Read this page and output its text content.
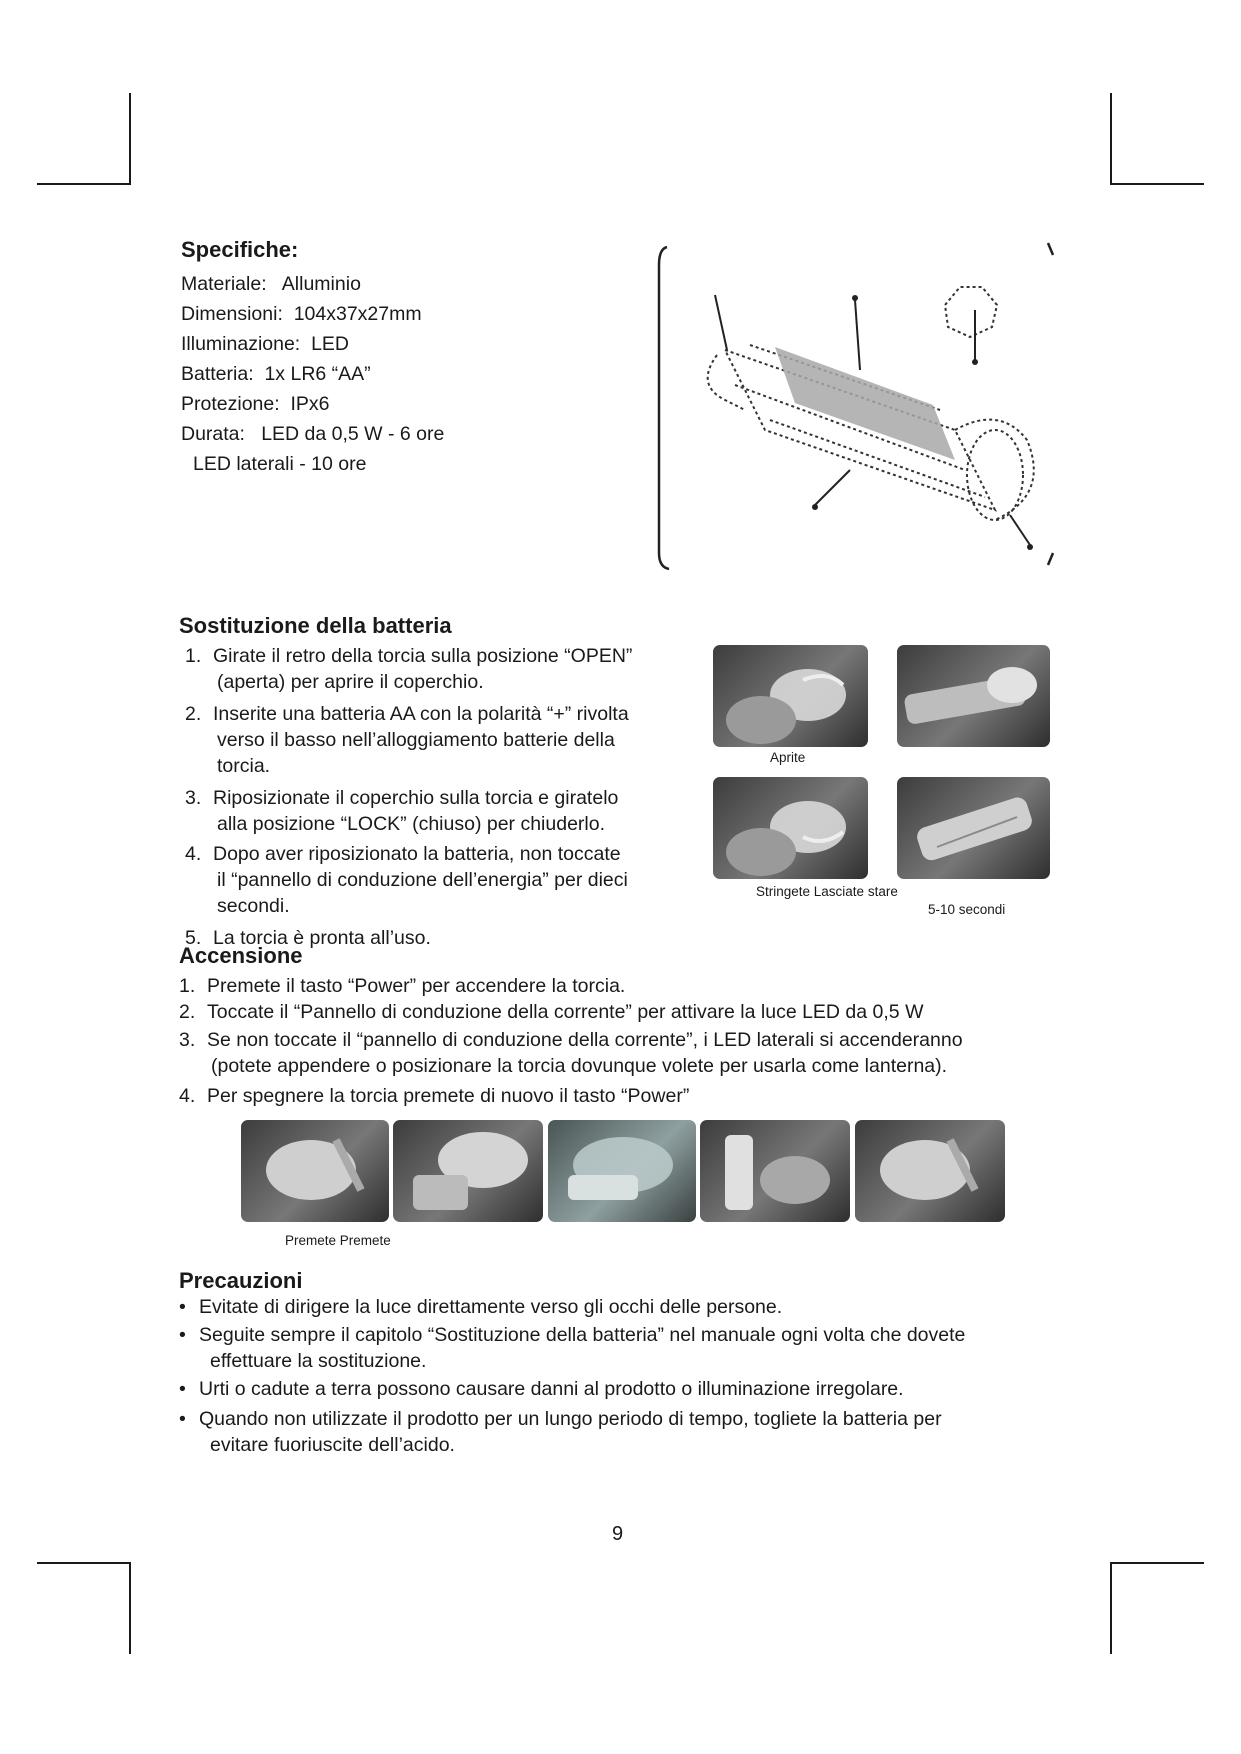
Specifiche:
Materiale:   Alluminio
Dimensioni:  104x37x27mm
Illuminazione:  LED
Batteria:  1x LR6 “AA”
Protezione:  IPx6
Durata:   LED da 0,5 W - 6 ore
LED laterali - 10 ore
Sostituzione della batteria
1. Girate il retro della torcia sulla posizione “OPEN”
(aperta) per aprire il coperchio.
2. Inserite una batteria AA con la polarità “+” rivolta
verso il basso nell’alloggiamento batterie della
torcia.
3. Riposizionate il coperchio sulla torcia e giratelo
alla posizione “LOCK” (chiuso) per chiuderlo.
4. Dopo aver riposizionato la batteria, non toccate
il “pannello di conduzione dell’energia” per dieci
secondi.
5. La torcia è pronta all’uso.
Aprite
Stringete Lasciate stare
5-10 secondi
Accensione
1. Premete il tasto “Power” per accendere la torcia.
2. Toccate il “Pannello di conduzione della corrente” per attivare la luce LED da 0,5 W
3. Se non toccate il “pannello di conduzione della corrente”, i LED laterali si accenderanno
(potete appendere o posizionare la torcia dovunque volete per usarla come lanterna).
4. Per spegnere la torcia premete di nuovo il tasto “Power”
Premete Premete
Precauzioni
• Evitate di dirigere la luce direttamente verso gli occhi delle persone.
• Seguite sempre il capitolo “Sostituzione della batteria” nel manuale ogni volta che dovete
effettuare la sostituzione.
• Urti o cadute a terra possono causare danni al prodotto o illuminazione irregolare.
• Quando non utilizzate il prodotto per un lungo periodo di tempo, togliete la batteria per
evitare fuoriuscite dell’acido.
9
